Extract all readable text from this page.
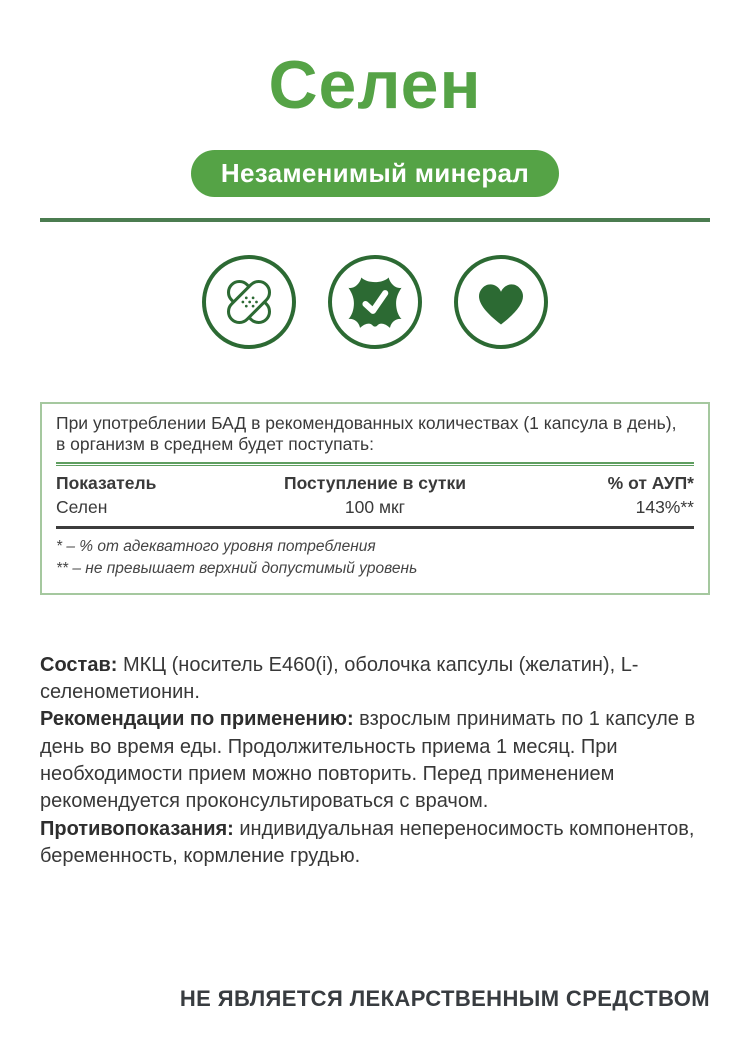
Селен
Незаменимый минерал
При употреблении БАД в рекомендованных количествах (1 капсула в день),
в организм в среднем будет поступать:
Показатель	Поступление в сутки	% от АУП*
Селен	100 мкг	143%**
* – % от адекватного уровня потребления
** – не превышает верхний допустимый уровень

Состав: МКЦ (носитель Е460(i), оболочка капсулы (желатин), L-селенометионин.

Рекомендации по применению: взрослым принимать по 1 капсуле в день во время еды. Продолжительность приема 1 месяц. При необходимости прием можно повторить. Перед применением рекомендуется проконсультироваться с врачом.

Противопоказания: индивидуальная непереносимость компонентов, беременность, кормление грудью.

НЕ ЯВЛЯЕТСЯ ЛЕКАРСТВЕННЫМ СРЕДСТВОМ
